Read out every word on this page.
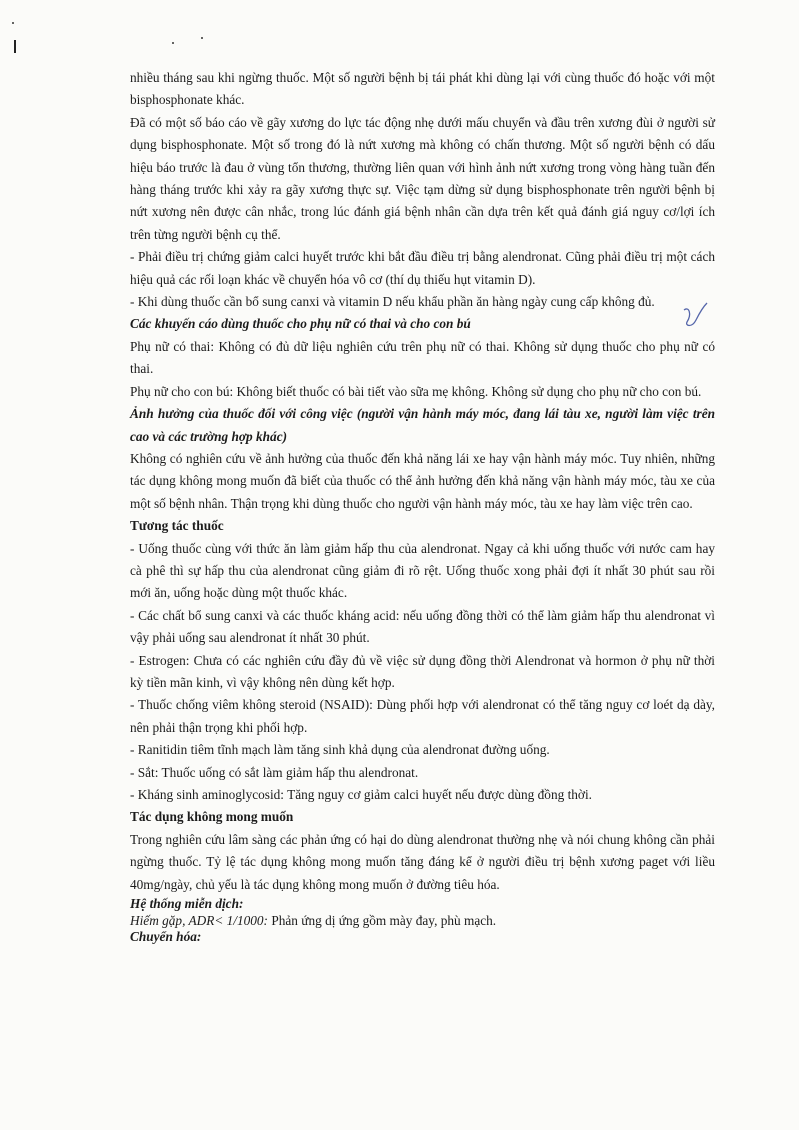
nhiều tháng sau khi ngừng thuốc. Một số người bệnh bị tái phát khi dùng lại với cùng thuốc đó hoặc với một bisphosphonate khác.

Đã có một số báo cáo về gãy xương do lực tác động nhẹ dưới mấu chuyển và đầu trên xương đùi ở người sử dụng bisphosphonate. Một số trong đó là nứt xương mà không có chấn thương. Một số người bệnh có dấu hiệu báo trước là đau ở vùng tổn thương, thường liên quan với hình ảnh nứt xương trong vòng hàng tuần đến hàng tháng trước khi xảy ra gãy xương thực sự. Việc tạm dừng sử dụng bisphosphonate trên người bệnh bị nứt xương nên được cân nhắc, trong lúc đánh giá bệnh nhân cần dựa trên kết quả đánh giá nguy cơ/lợi ích trên từng người bệnh cụ thể.

- Phải điều trị chứng giảm calci huyết trước khi bắt đầu điều trị bằng alendronat. Cũng phải điều trị một cách hiệu quả các rối loạn khác về chuyển hóa vô cơ (thí dụ thiếu hụt vitamin D).

- Khi dùng thuốc cần bổ sung canxi và vitamin D nếu khẩu phần ăn hàng ngày cung cấp không đủ.

Các khuyến cáo dùng thuốc cho phụ nữ có thai và cho con bú

Phụ nữ có thai: Không có đủ dữ liệu nghiên cứu trên phụ nữ có thai. Không sử dụng thuốc cho phụ nữ có thai.

Phụ nữ cho con bú: Không biết thuốc có bài tiết vào sữa mẹ không. Không sử dụng cho phụ nữ cho con bú.

Ảnh hưởng của thuốc đối với công việc (người vận hành máy móc, đang lái tàu xe, người làm việc trên cao và các trường hợp khác)

Không có nghiên cứu về ảnh hưởng của thuốc đến khả năng lái xe hay vận hành máy móc. Tuy nhiên, những tác dụng không mong muốn đã biết của thuốc có thể ảnh hưởng đến khả năng vận hành máy móc, tàu xe của một số bệnh nhân. Thận trọng khi dùng thuốc cho người vận hành máy móc, tàu xe hay làm việc trên cao.

Tương tác thuốc

- Uống thuốc cùng với thức ăn làm giảm hấp thu của alendronat. Ngay cả khi uống thuốc với nước cam hay cà phê thì sự hấp thu của alendronat cũng giảm đi rõ rệt. Uống thuốc xong phải đợi ít nhất 30 phút sau rồi mới ăn, uống hoặc dùng một thuốc khác.

- Các chất bổ sung canxi và các thuốc kháng acid: nếu uống đồng thời có thể làm giảm hấp thu alendronat vì vậy phải uống sau alendronat ít nhất 30 phút.

- Estrogen: Chưa có các nghiên cứu đầy đủ về việc sử dụng đồng thời Alendronat và hormon ở phụ nữ thời kỳ tiền mãn kinh, vì vậy không nên dùng kết hợp.

- Thuốc chống viêm không steroid (NSAID): Dùng phối hợp với alendronat có thể tăng nguy cơ loét dạ dày, nên phải thận trọng khi phối hợp.

- Ranitidin tiêm tĩnh mạch làm tăng sinh khả dụng của alendronat đường uống.

- Sắt: Thuốc uống có sắt làm giảm hấp thu alendronat.

- Kháng sinh aminoglycosid: Tăng nguy cơ giảm calci huyết nếu được dùng đồng thời.

Tác dụng không mong muốn

Trong nghiên cứu lâm sàng các phản ứng có hại do dùng alendronat thường nhẹ và nói chung không cần phải ngừng thuốc. Tỷ lệ tác dụng không mong muốn tăng đáng kể ở người điều trị bệnh xương paget với liều 40mg/ngày, chủ yếu là tác dụng không mong muốn ở đường tiêu hóa.

Hệ thống miễn dịch:

Hiếm gặp, ADR< 1/1000: Phản ứng dị ứng gồm mày đay, phù mạch.

Chuyển hóa:
